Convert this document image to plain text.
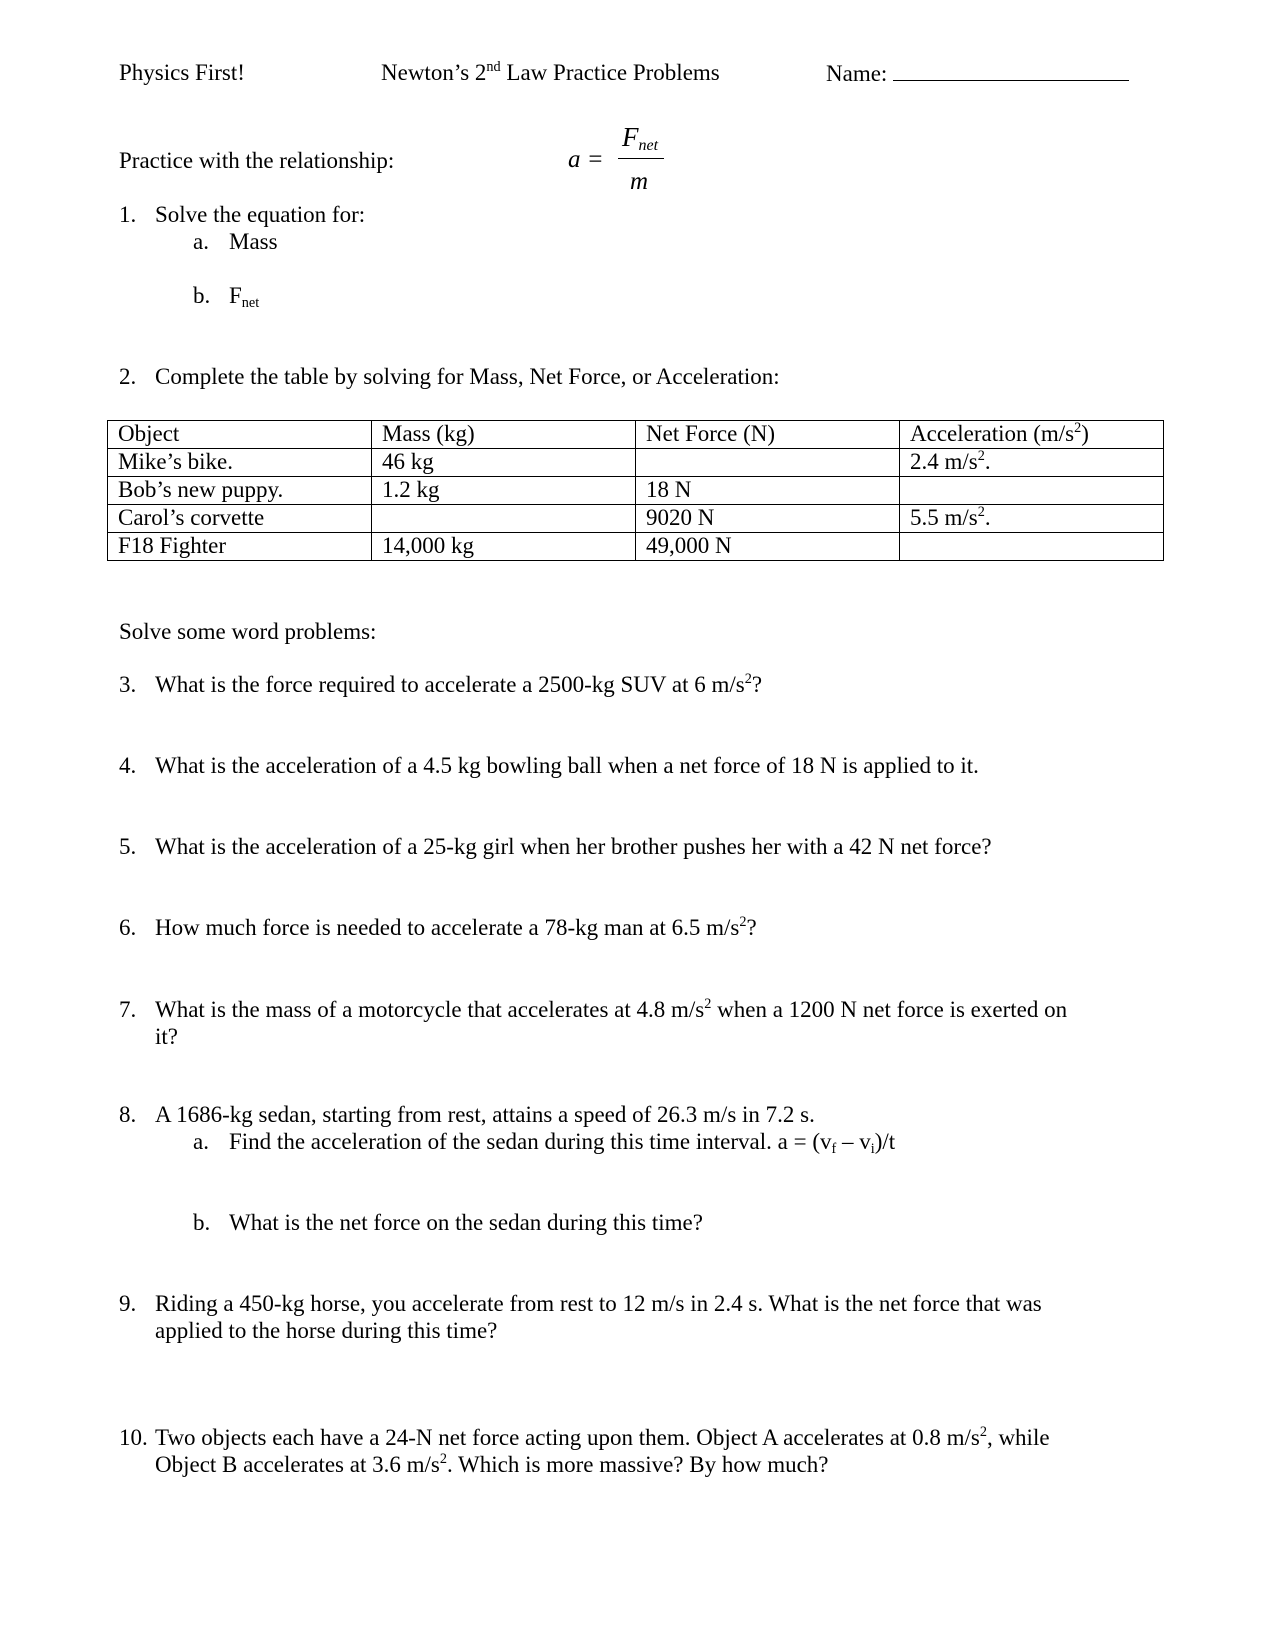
Physics First!	Newton’s 2nd Law Practice Problems	Name:
Practice with the relationship:	a =
Fnet
m
1. Solve the equation for:
a. Mass
b. $F_{net}$
2. Complete the table by solving for Mass, Net Force, or Acceleration:
Object	Mass (kg)	Net Force (N)	Acceleration $(m/s^2)$
Mike’s bike.	46 kg		2.4 $m/s^2$.
Bob’s new puppy.	1.2 kg	18 N	
Carol’s corvette		9020 N	5.5 $m/s^2$.
F18 Fighter	14,000 kg	49,000 N	
Solve some word problems:
3. What is the force required to accelerate a 2500-kg SUV at 6 $m/s^2$?
4. What is the acceleration of a 4.5 kg bowling ball when a net force of 18 N is applied to it.
5. What is the acceleration of a 25-kg girl when her brother pushes her with a 42 N net force?
6. How much force is needed to accelerate a 78-kg man at 6.5 $m/s^2$?
7. What is the mass of a motorcycle that accelerates at 4.8 $m/s^2$ when a 1200 N net force is exerted on
it?
8. A 1686-kg sedan, starting from rest, attains a speed of 26.3 m/s in 7.2 s.
a. Find the acceleration of the sedan during this time interval. $a = (v_f - v_i)/t$
b. What is the net force on the sedan during this time?
9. Riding a 450-kg horse, you accelerate from rest to 12 m/s in 2.4 s. What is the net force that was
applied to the horse during this time?
10. Two objects each have a 24-N net force acting upon them. Object A accelerates at 0.8 $m/s^2$, while
Object B accelerates at 3.6 $m/s^2$. Which is more massive? By how much?
